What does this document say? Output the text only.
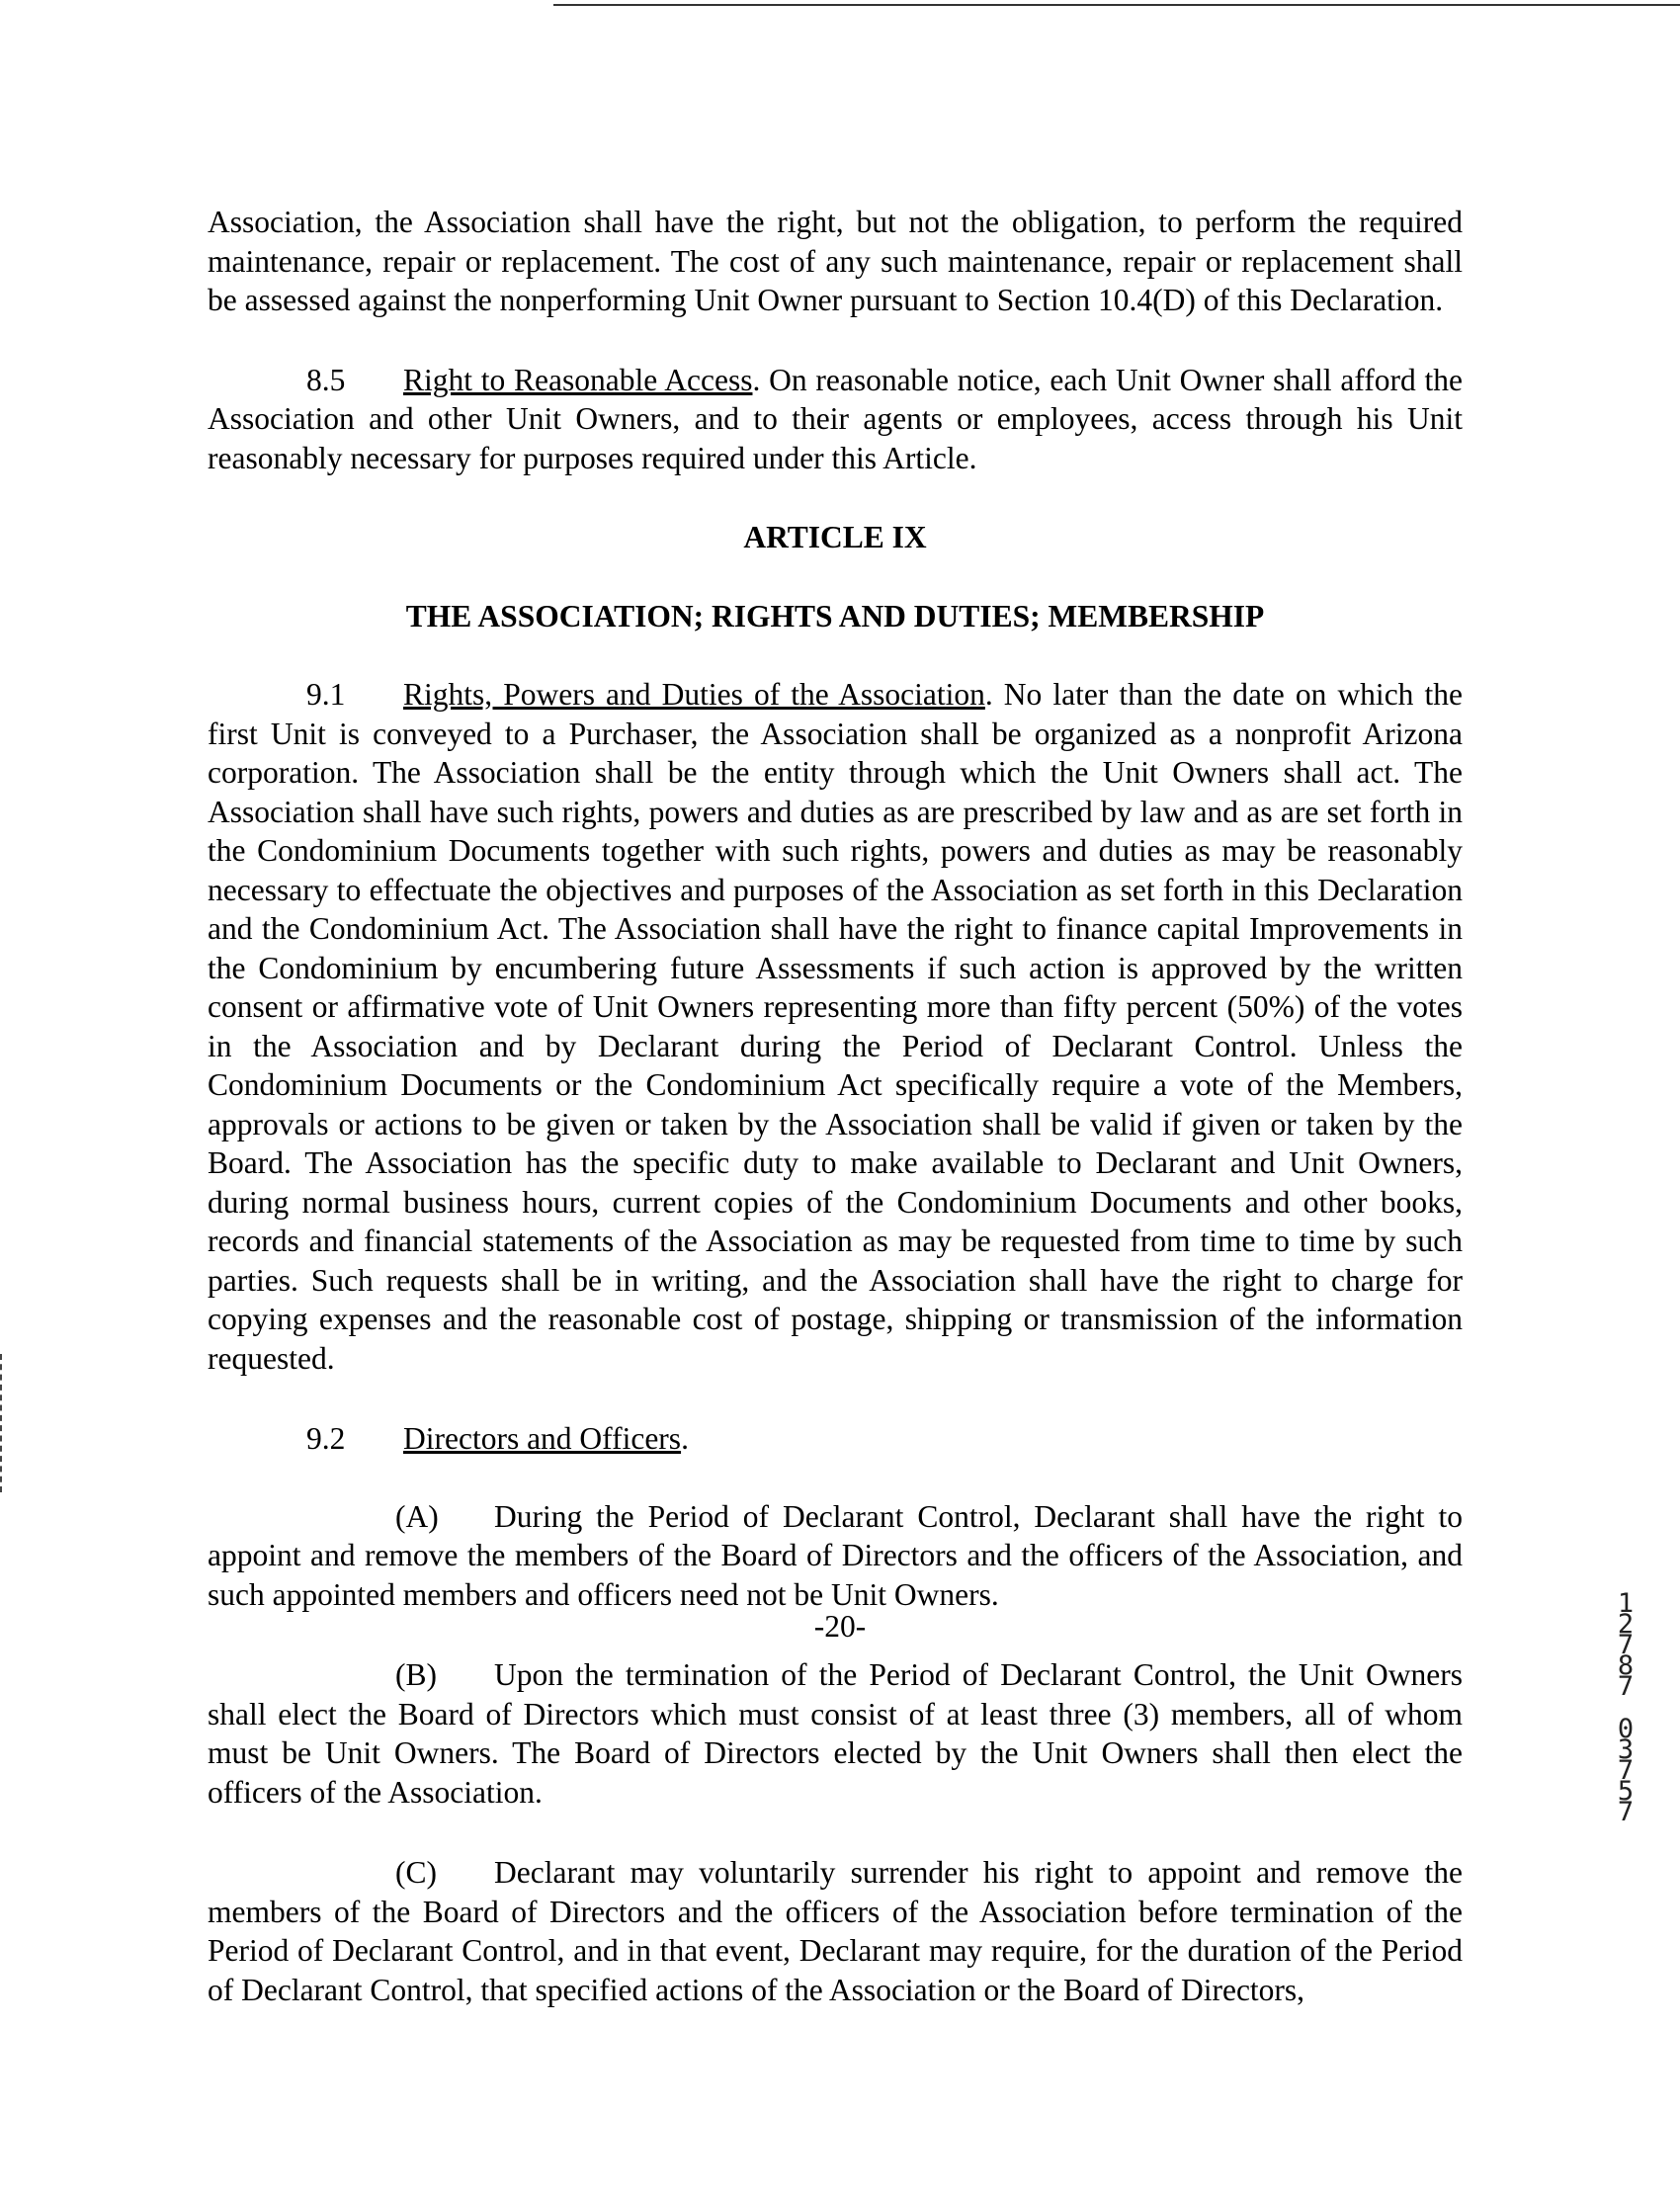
Association, the Association shall have the right, but not the obligation, to perform the required maintenance, repair or replacement. The cost of any such maintenance, repair or replacement shall be assessed against the nonperforming Unit Owner pursuant to Section 10.4(D) of this Declaration.

8.5 Right to Reasonable Access. On reasonable notice, each Unit Owner shall afford the Association and other Unit Owners, and to their agents or employees, access through his Unit reasonably necessary for purposes required under this Article.

ARTICLE IX

THE ASSOCIATION; RIGHTS AND DUTIES; MEMBERSHIP

9.1 Rights, Powers and Duties of the Association. No later than the date on which the first Unit is conveyed to a Purchaser, the Association shall be organized as a nonprofit Arizona corporation. The Association shall be the entity through which the Unit Owners shall act. The Association shall have such rights, powers and duties as are prescribed by law and as are set forth in the Condominium Documents together with such rights, powers and duties as may be reasonably necessary to effectuate the objectives and purposes of the Association as set forth in this Declaration and the Condominium Act. The Association shall have the right to finance capital Improvements in the Condominium by encumbering future Assessments if such action is approved by the written consent or affirmative vote of Unit Owners representing more than fifty percent (50%) of the votes in the Association and by Declarant during the Period of Declarant Control. Unless the Condominium Documents or the Condominium Act specifically require a vote of the Members, approvals or actions to be given or taken by the Association shall be valid if given or taken by the Board. The Association has the specific duty to make available to Declarant and Unit Owners, during normal business hours, current copies of the Condominium Documents and other books, records and financial statements of the Association as may be requested from time to time by such parties. Such requests shall be in writing, and the Association shall have the right to charge for copying expenses and the reasonable cost of postage, shipping or transmission of the information requested.

9.2 Directors and Officers.

(A) During the Period of Declarant Control, Declarant shall have the right to appoint and remove the members of the Board of Directors and the officers of the Association, and such appointed members and officers need not be Unit Owners.

(B) Upon the termination of the Period of Declarant Control, the Unit Owners shall elect the Board of Directors which must consist of at least three (3) members, all of whom must be Unit Owners. The Board of Directors elected by the Unit Owners shall then elect the officers of the Association.

(C) Declarant may voluntarily surrender his right to appoint and remove the members of the Board of Directors and the officers of the Association before termination of the Period of Declarant Control, and in that event, Declarant may require, for the duration of the Period of Declarant Control, that specified actions of the Association or the Board of Directors,

12787
03757
-20-
